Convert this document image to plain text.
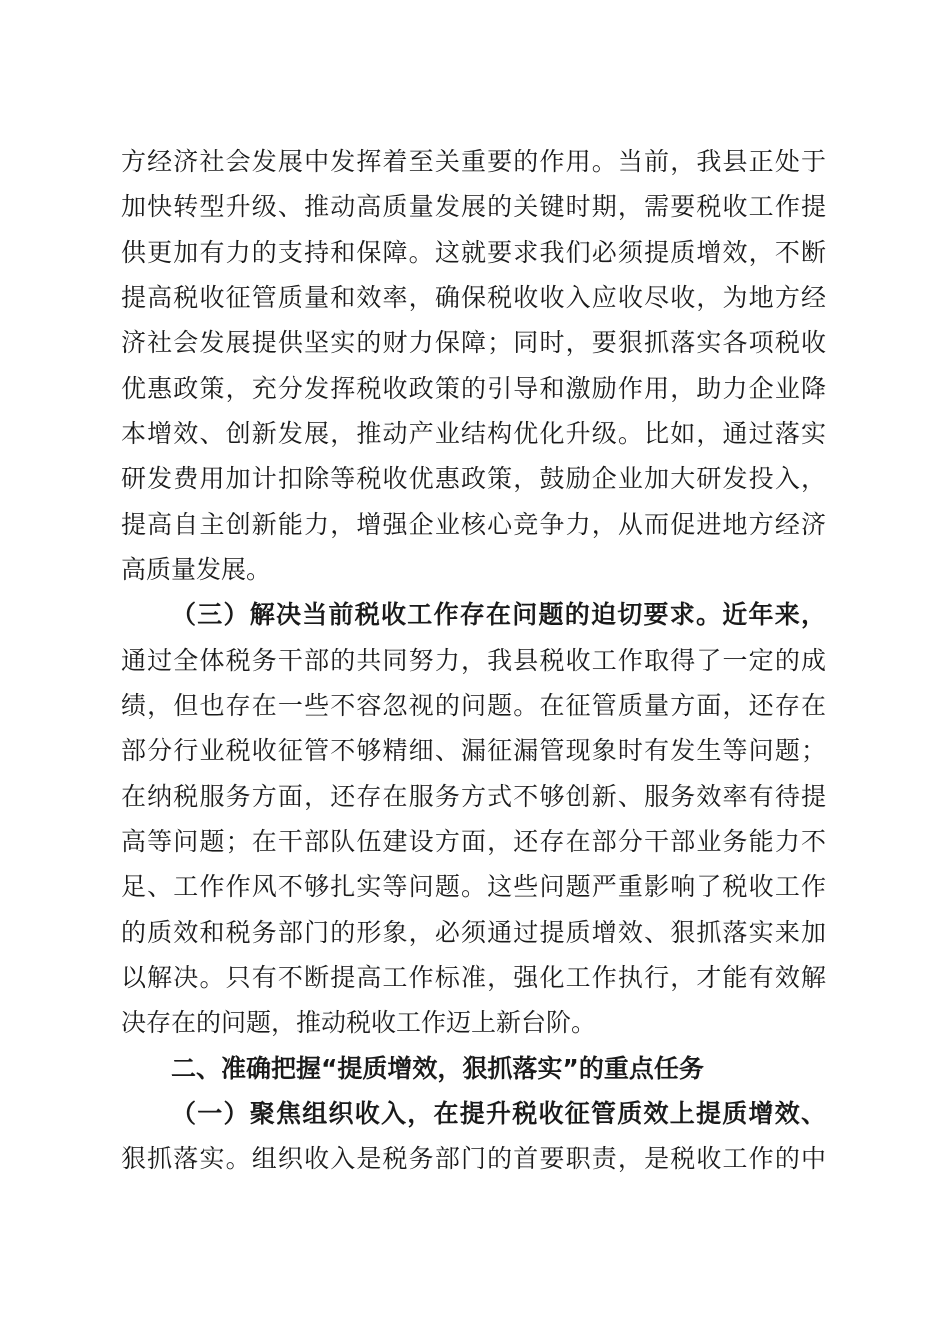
方经济社会发展中发挥着至关重要的作用。当前，我县正处于
加快转型升级、推动高质量发展的关键时期，需要税收工作提
供更加有力的支持和保障。这就要求我们必须提质增效，不断
提高税收征管质量和效率，确保税收收入应收尽收，为地方经
济社会发展提供坚实的财力保障；同时，要狠抓落实各项税收
优惠政策，充分发挥税收政策的引导和激励作用，助力企业降
本增效、创新发展，推动产业结构优化升级。比如，通过落实
研发费用加计扣除等税收优惠政策，鼓励企业加大研发投入，
提高自主创新能力，增强企业核心竞争力，从而促进地方经济
高质量发展。
（三）解决当前税收工作存在问题的迫切要求。近年来，
通过全体税务干部的共同努力，我县税收工作取得了一定的成
绩，但也存在一些不容忽视的问题。在征管质量方面，还存在
部分行业税收征管不够精细、漏征漏管现象时有发生等问题；
在纳税服务方面，还存在服务方式不够创新、服务效率有待提
高等问题；在干部队伍建设方面，还存在部分干部业务能力不
足、工作作风不够扎实等问题。这些问题严重影响了税收工作
的质效和税务部门的形象，必须通过提质增效、狠抓落实来加
以解决。只有不断提高工作标准，强化工作执行，才能有效解
决存在的问题，推动税收工作迈上新台阶。
二、准确把握“提质增效，狠抓落实”的重点任务
（一）聚焦组织收入，在提升税收征管质效上提质增效、
狠抓落实。组织收入是税务部门的首要职责，是税收工作的中
